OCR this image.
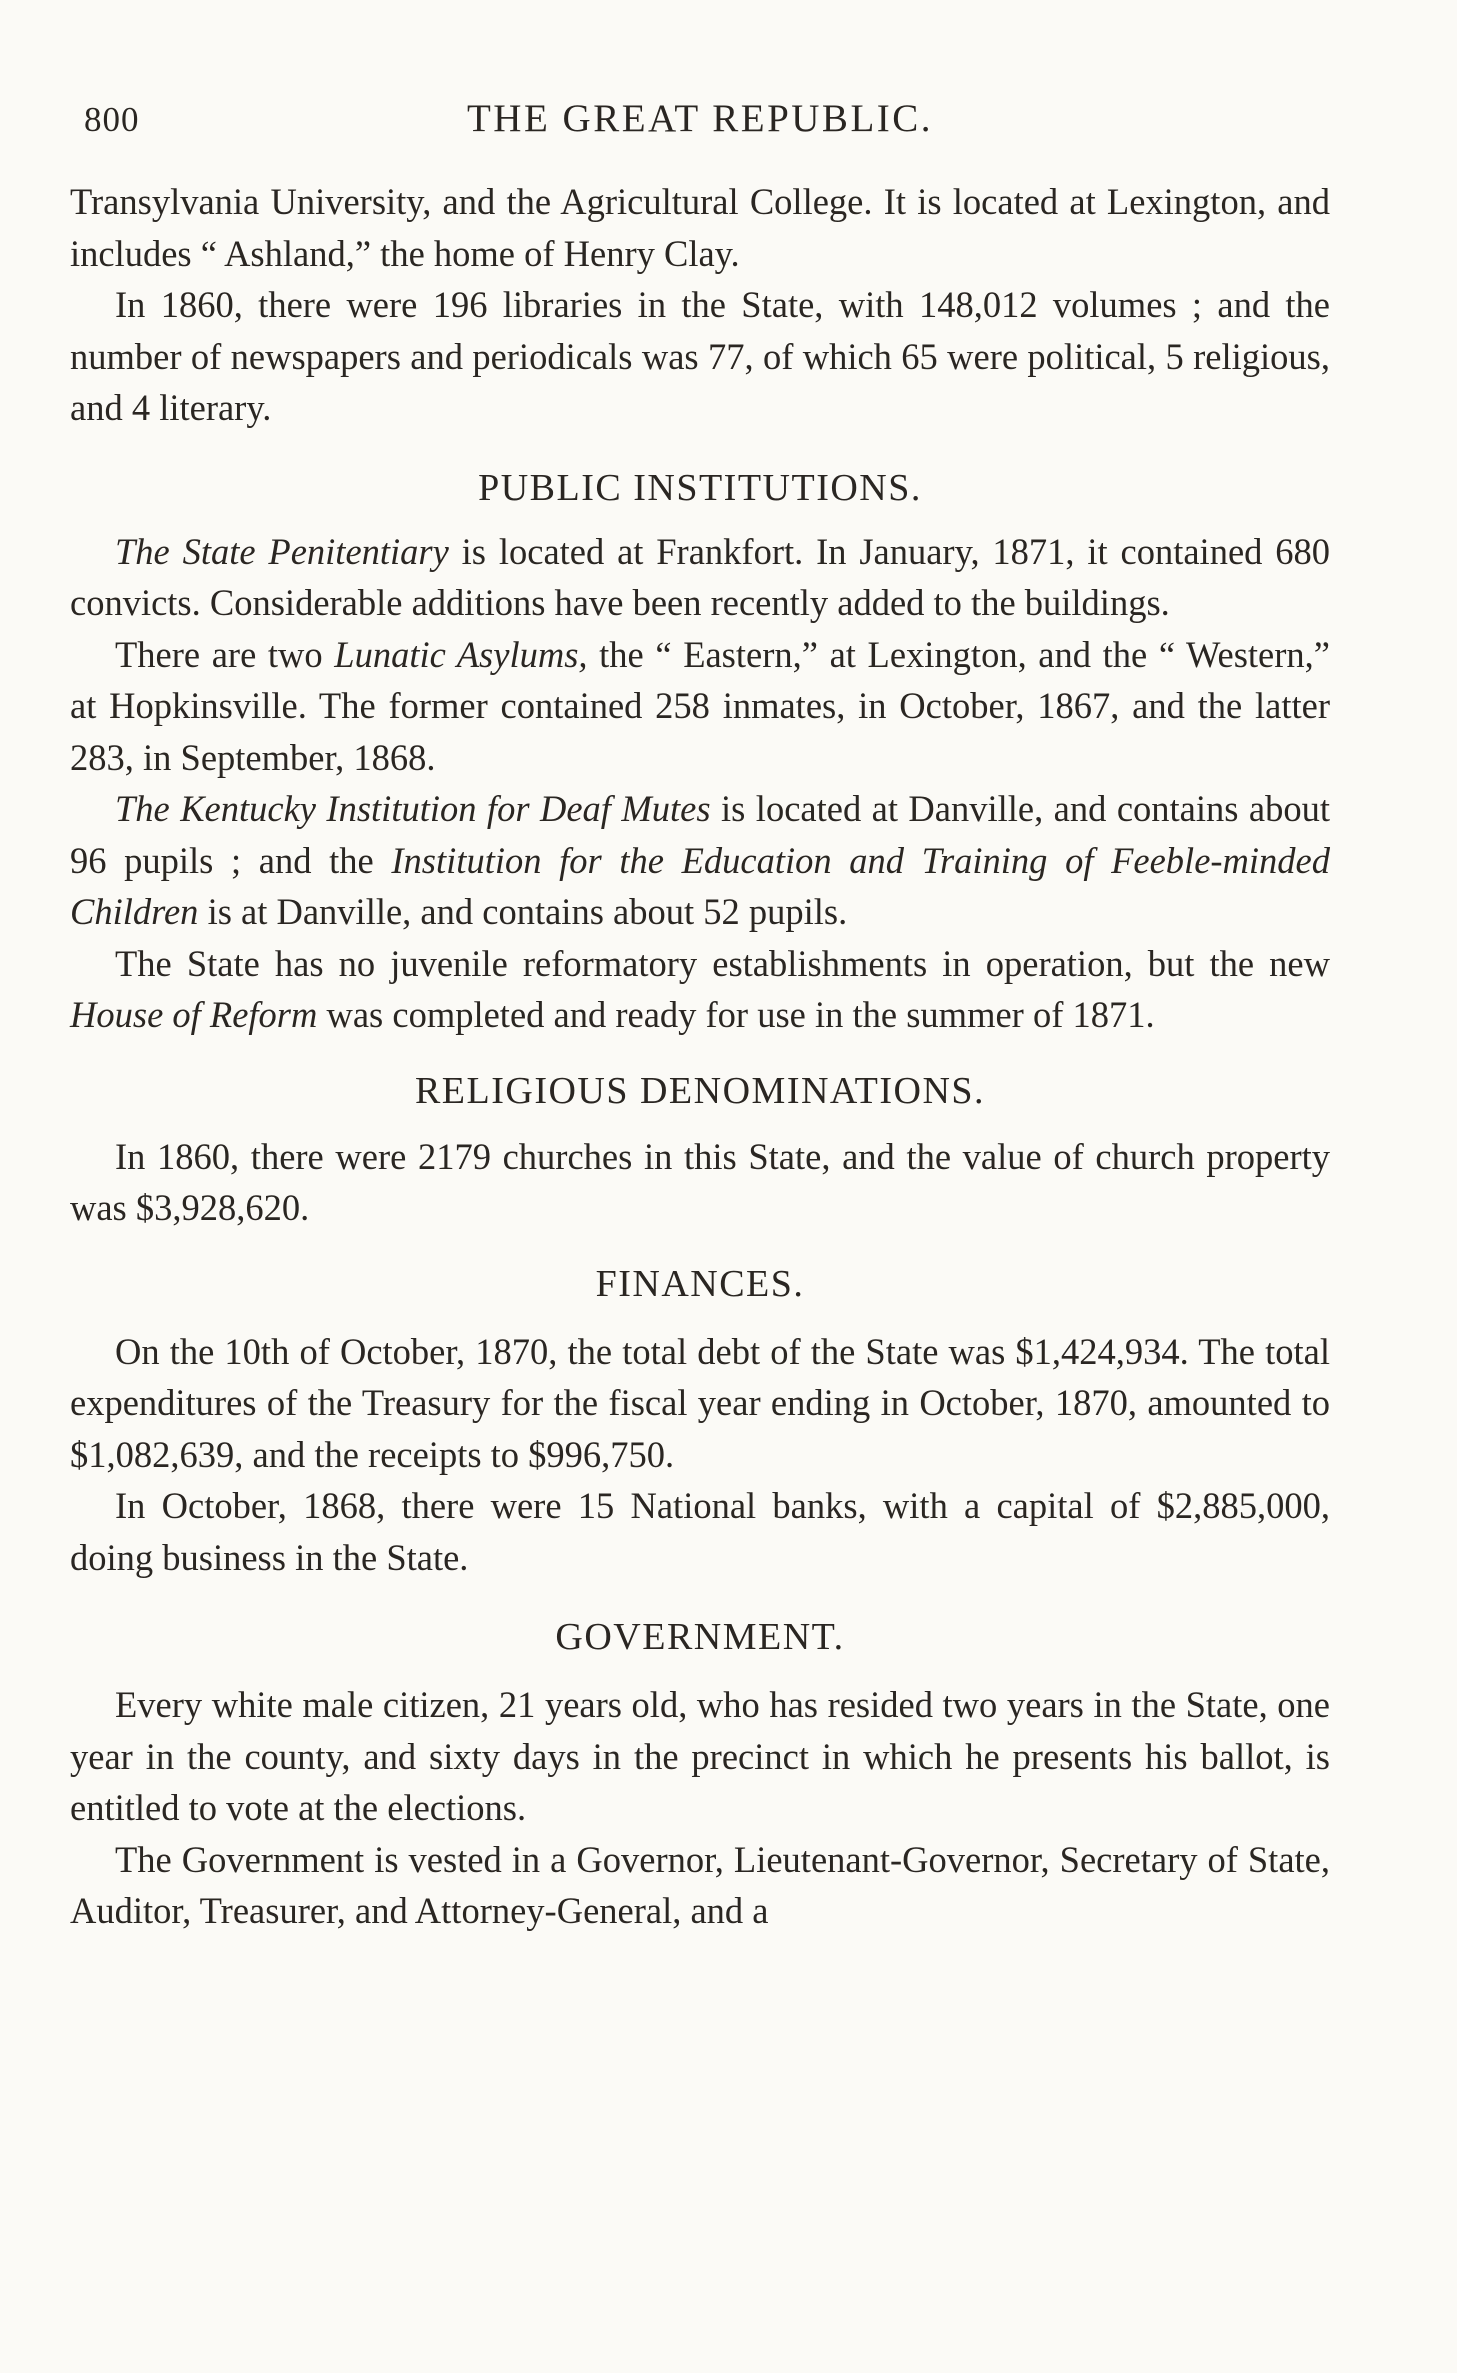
800	THE GREAT REPUBLIC.

Transylvania University, and the Agricultural College. It is located at Lexington, and includes “ Ashland,” the home of Henry Clay.

In 1860, there were 196 libraries in the State, with 148,012 volumes ; and the number of newspapers and periodicals was 77, of which 65 were political, 5 religious, and 4 literary.

PUBLIC INSTITUTIONS.

The State Penitentiary is located at Frankfort. In January, 1871, it contained 680 convicts. Considerable additions have been recently added to the buildings.

There are two Lunatic Asylums, the “ Eastern,” at Lexington, and the “ Western,” at Hopkinsville. The former contained 258 inmates, in October, 1867, and the latter 283, in September, 1868.

The Kentucky Institution for Deaf Mutes is located at Danville, and contains about 96 pupils ; and the Institution for the Education and Training of Feeble-minded Children is at Danville, and contains about 52 pupils.

The State has no juvenile reformatory establishments in operation, but the new House of Reform was completed and ready for use in the summer of 1871.

RELIGIOUS DENOMINATIONS.

In 1860, there were 2179 churches in this State, and the value of church property was $3,928,620.

FINANCES.

On the 10th of October, 1870, the total debt of the State was $1,424,934. The total expenditures of the Treasury for the fiscal year ending in October, 1870, amounted to $1,082,639, and the receipts to $996,750.

In October, 1868, there were 15 National banks, with a capital of $2,885,000, doing business in the State.

GOVERNMENT.

Every white male citizen, 21 years old, who has resided two years in the State, one year in the county, and sixty days in the precinct in which he presents his ballot, is entitled to vote at the elections.

The Government is vested in a Governor, Lieutenant-Governor, Secretary of State, Auditor, Treasurer, and Attorney-General, and a
